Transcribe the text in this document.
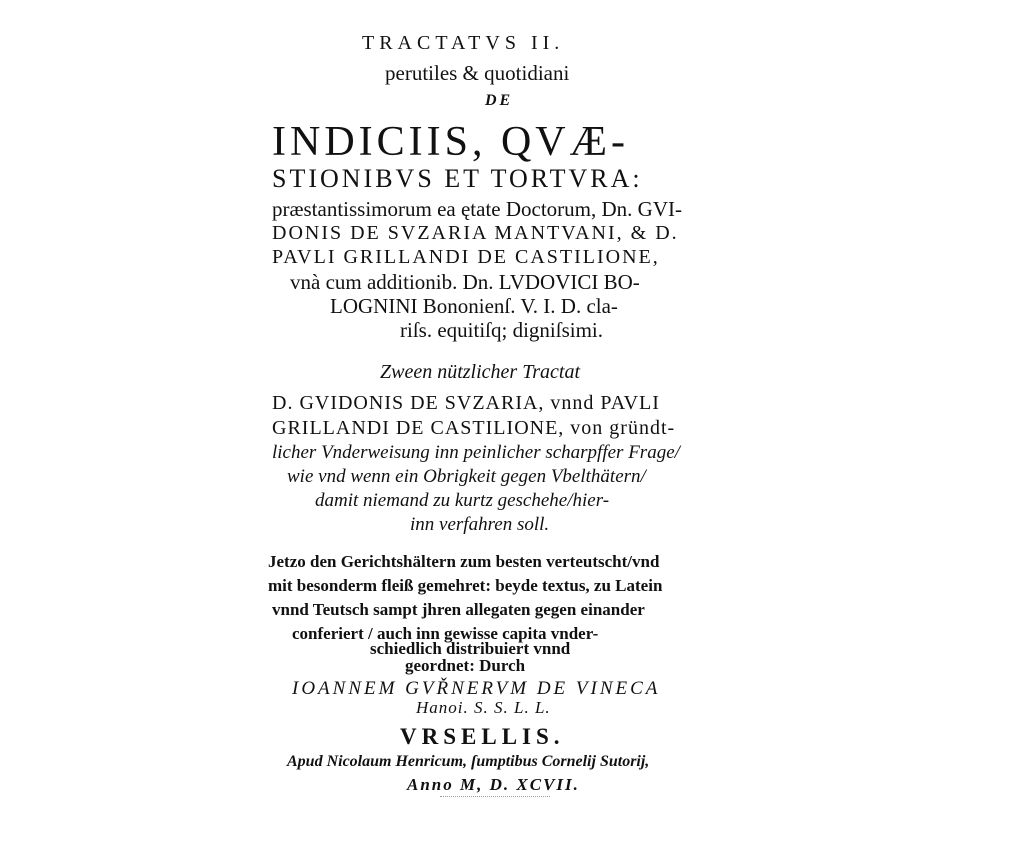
TRACTATVS II.
perutiles & quotidiani
DE
INDICIIS, QVÆ-
STIONIBVS ET TORTVRA:
præstantissimorum ea ętate Doctorum, Dn. GVI-
DONIS DE SVZARIA MANTVANI, & D.
PAVLI GRILLANDI DE CASTILIONE,
vnà cum additionib. Dn. LVDOVICI BO-
LOGNINI Bononienſ. V. I. D. cla-
riſs. equitiſq; digniſsimi.
Zween nützlicher Tractat
D. GVIDONIS DE SVZARIA, vnnd PAVLI
GRILLANDI DE CASTILIONE, von gründt-
licher Vnderweisung inn peinlicher scharpffer Frage/
wie vnd wenn ein Obrigkeit gegen Vbelthätern/
damit niemand zu kurtz geschehe/hier-
inn verfahren soll.
Jetzo den Gerichtshältern zum besten verteutscht/vnd
mit besonderm fleiß gemehret: beyde textus, zu Latein
vnnd Teutsch sampt jhren allegaten gegen einander
conferiert / auch inn gewisse capita vnder-
schiedlich distribuiert vnnd
geordnet: Durch
IOANNEM GVŘNERVM DE VINECA
Hanoi. S. S. L. L.
VRSELLIS.
Apud Nicolaum Henricum, ſumptibus Cornelij Sutorij,
Anno M, D. XCVII.
